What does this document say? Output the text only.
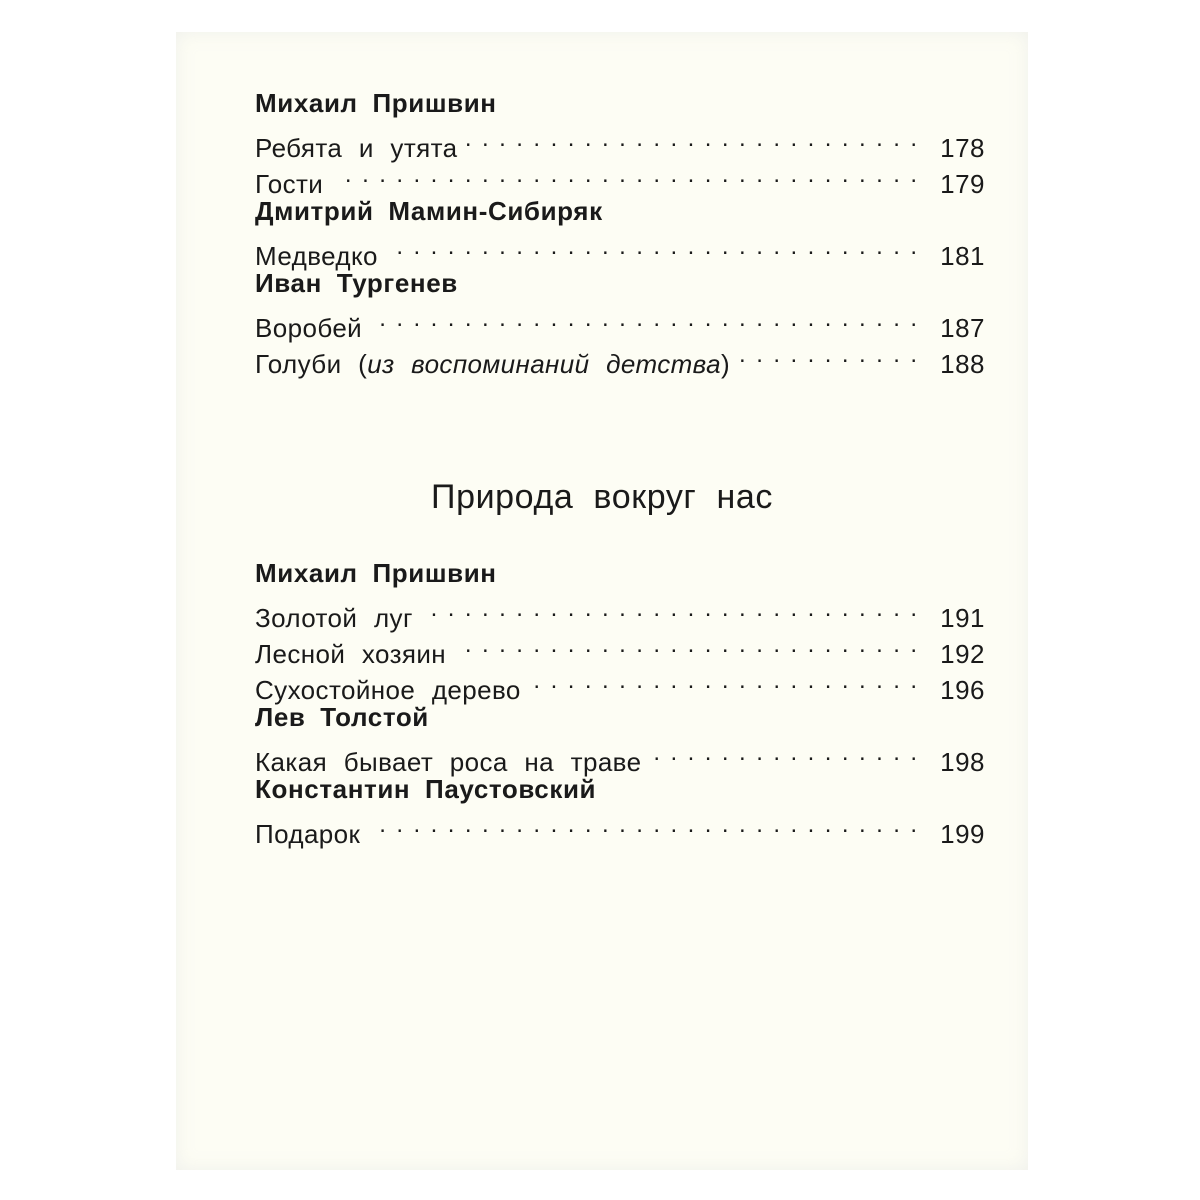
Михаил Пришвин
Ребята и утята . . .	178
Гости . . .	179
Дмитрий Мамин-Сибиряк
Медведко . . .	181
Иван Тургенев
Воробей . . .	187
Голуби (из воспоминаний детства) . . .	188
Природа вокруг нас
Михаил Пришвин
Золотой луг . . .	191
Лесной хозяин . . .	192
Сухостойное дерево . . .	196
Лев Толстой
Какая бывает роса на траве . . .	198
Константин Паустовский
Подарок . . .	199
